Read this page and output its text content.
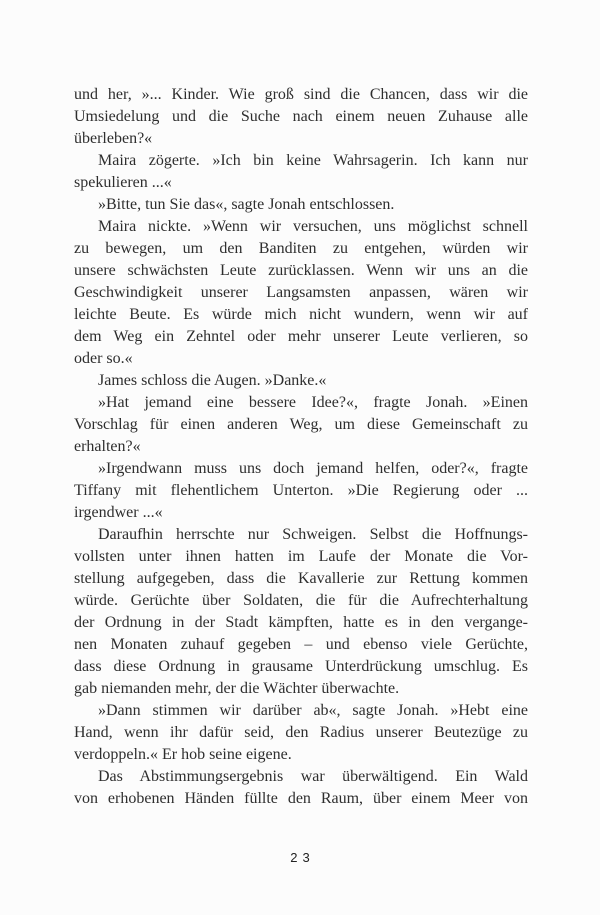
und her, »... Kinder. Wie groß sind die Chancen, dass wir die
Umsiedelung und die Suche nach einem neuen Zuhause alle
überleben?«
Maira zögerte. »Ich bin keine Wahrsagerin. Ich kann nur
spekulieren ...«
»Bitte, tun Sie das«, sagte Jonah entschlossen.
Maira nickte. »Wenn wir versuchen, uns möglichst schnell
zu bewegen, um den Banditen zu entgehen, würden wir
unsere schwächsten Leute zurücklassen. Wenn wir uns an die
Geschwindigkeit unserer Langsamsten anpassen, wären wir
leichte Beute. Es würde mich nicht wundern, wenn wir auf
dem Weg ein Zehntel oder mehr unserer Leute verlieren, so
oder so.«
James schloss die Augen. »Danke.«
»Hat jemand eine bessere Idee?«, fragte Jonah. »Einen
Vorschlag für einen anderen Weg, um diese Gemeinschaft zu
erhalten?«
»Irgendwann muss uns doch jemand helfen, oder?«, fragte
Tiffany mit flehentlichem Unterton. »Die Regierung oder ...
irgendwer ...«
Daraufhin herrschte nur Schweigen. Selbst die Hoffnungs-
vollsten unter ihnen hatten im Laufe der Monate die Vor-
stellung aufgegeben, dass die Kavallerie zur Rettung kommen
würde. Gerüchte über Soldaten, die für die Aufrechterhaltung
der Ordnung in der Stadt kämpften, hatte es in den vergange-
nen Monaten zuhauf gegeben – und ebenso viele Gerüchte,
dass diese Ordnung in grausame Unterdrückung umschlug. Es
gab niemanden mehr, der die Wächter überwachte.
»Dann stimmen wir darüber ab«, sagte Jonah. »Hebt eine
Hand, wenn ihr dafür seid, den Radius unserer Beutezüge zu
verdoppeln.« Er hob seine eigene.
Das Abstimmungsergebnis war überwältigend. Ein Wald
von erhobenen Händen füllte den Raum, über einem Meer von
23
